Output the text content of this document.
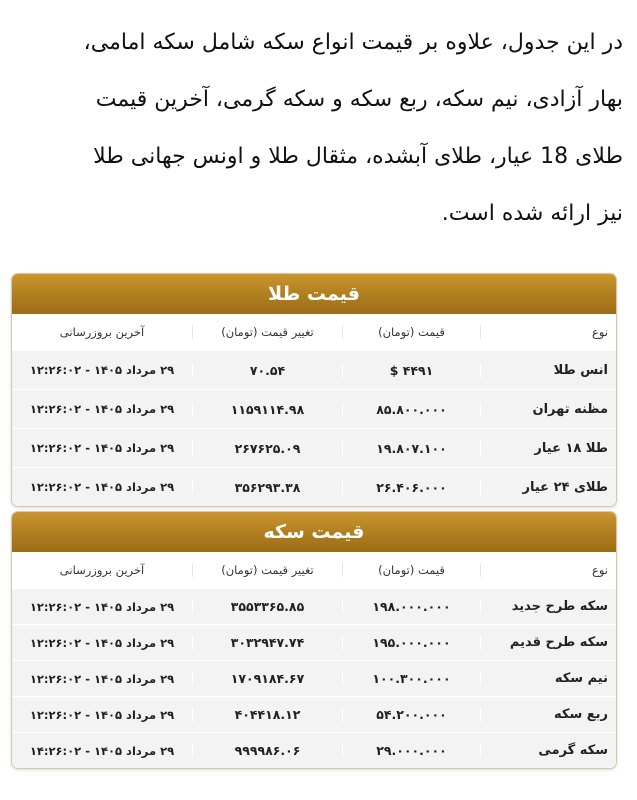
در این جدول، علاوه بر قیمت انواع سکه شامل سکه امامی،
بهار آزادی، نیم سکه، ربع سکه و سکه گرمی، آخرین قیمت
طلای 18 عیار، طلای آبشده، مثقال طلا و اونس جهانی طلا
نیز ارائه شده است.
قیمت طلا
نوع
قیمت (تومان)
تغییر قیمت (تومان)
آخرین بروزرسانی
انس طلا
۴۴۹۱ $
۷۰.۵۴
۲۹ مرداد ۱۴۰۵ - ۱۲:۲۶:۰۲
مظنه تهران
۸۵.۸۰۰.۰۰۰
۱۱۵۹۱۱۴.۹۸
۲۹ مرداد ۱۴۰۵ - ۱۲:۲۶:۰۲
طلا ۱۸ عیار
۱۹.۸۰۷.۱۰۰
۲۶۷۶۲۵.۰۹
۲۹ مرداد ۱۴۰۵ - ۱۲:۲۶:۰۲
طلای ۲۴ عیار
۲۶.۴۰۶.۰۰۰
۳۵۶۲۹۳.۳۸
۲۹ مرداد ۱۴۰۵ - ۱۲:۲۶:۰۲
قیمت سکه
نوع
قیمت (تومان)
تغییر قیمت (تومان)
آخرین بروزرسانی
سکه طرح جدید
۱۹۸.۰۰۰.۰۰۰
۳۵۵۳۳۶۵.۸۵
۲۹ مرداد ۱۴۰۵ - ۱۲:۲۶:۰۲
سکه طرح قدیم
۱۹۵.۰۰۰.۰۰۰
۳۰۳۲۹۴۷.۷۴
۲۹ مرداد ۱۴۰۵ - ۱۲:۲۶:۰۲
نیم سکه
۱۰۰.۳۰۰.۰۰۰
۱۷۰۹۱۸۴.۶۷
۲۹ مرداد ۱۴۰۵ - ۱۲:۲۶:۰۲
ربع سکه
۵۴.۲۰۰.۰۰۰
۴۰۴۴۱۸.۱۲
۲۹ مرداد ۱۴۰۵ - ۱۲:۲۶:۰۲
سکه گرمی
۲۹.۰۰۰.۰۰۰
۹۹۹۹۸۶.۰۶
۲۹ مرداد ۱۴۰۵ - ۱۴:۲۶:۰۲
